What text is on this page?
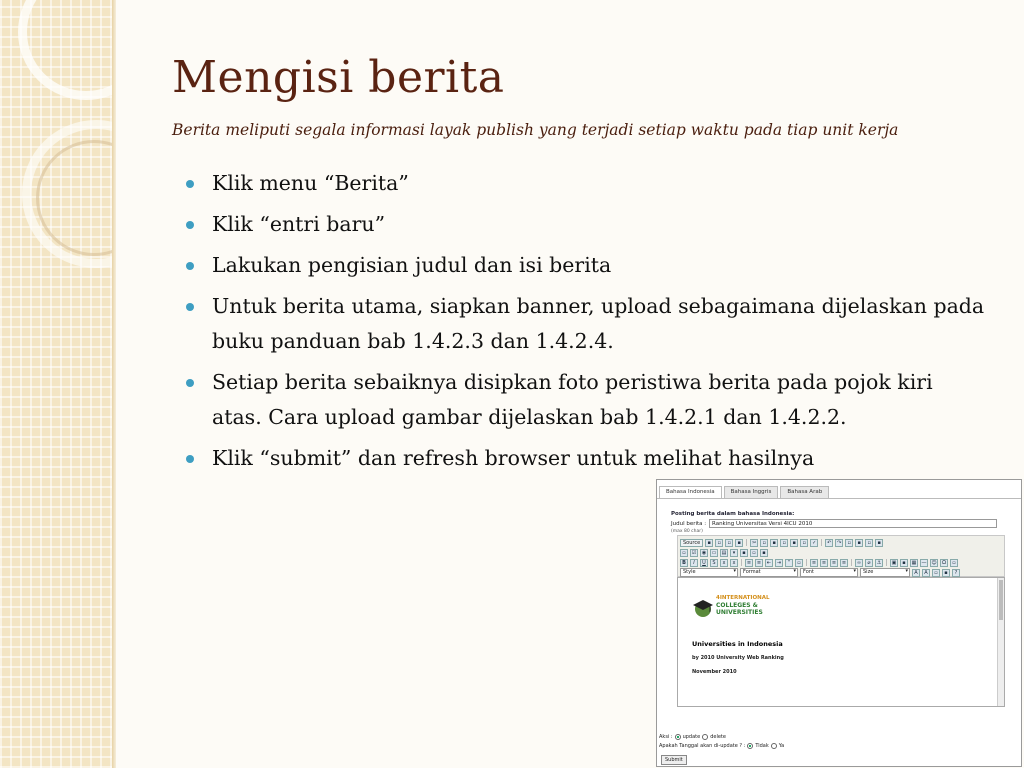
Mengisi berita

Berita meliputi segala informasi layak publish yang terjadi setiap waktu pada tiap unit kerja

Klik menu “Berita”
Klik “entri baru”
Lakukan pengisian judul dan isi berita
Untuk berita utama, siapkan banner, upload sebagaimana dijelaskan pada buku panduan bab 1.4.2.3 dan 1.4.2.4.
Setiap berita sebaiknya disipkan foto peristiwa berita pada pojok kiri atas. Cara upload gambar dijelaskan bab 1.4.2.1 dan 1.4.2.2.
Klik “submit” dan refresh browser untuk melihat hasilnya
Bahasa Indonesia	Bahasa Inggris	Bahasa Arab
Posting berita dalam bahasa Indonesia:
Judul berita :
(max 80 char)
Ranking Universitas Versi 4ICU 2010
Source	▪	▫	▫	▪	✂	▫	▪	▫	▪	▫	✓	↶	↷	▫	▪	▫	▪
▫	☑	◉	▭	▤	▾	▪	▫	▪
B	I	U	S	x	x	≡	≡	⇤	⇥	“	▫	≡	≡	≡	≡	∞	⌀	⚓	▣	▪	▦	— ☺	Ω	▫
Style ▾	Format ▾	Font ▾	Size ▾	A	A	▫	▪	?
4INTERNATIONAL
COLLEGES &
UNIVERSITIES
Universities in Indonesia
by 2010 University Web Ranking
November 2010
Aksi : update delete
Apakah Tanggal akan di-update ? : Tidak Ya
Submit
